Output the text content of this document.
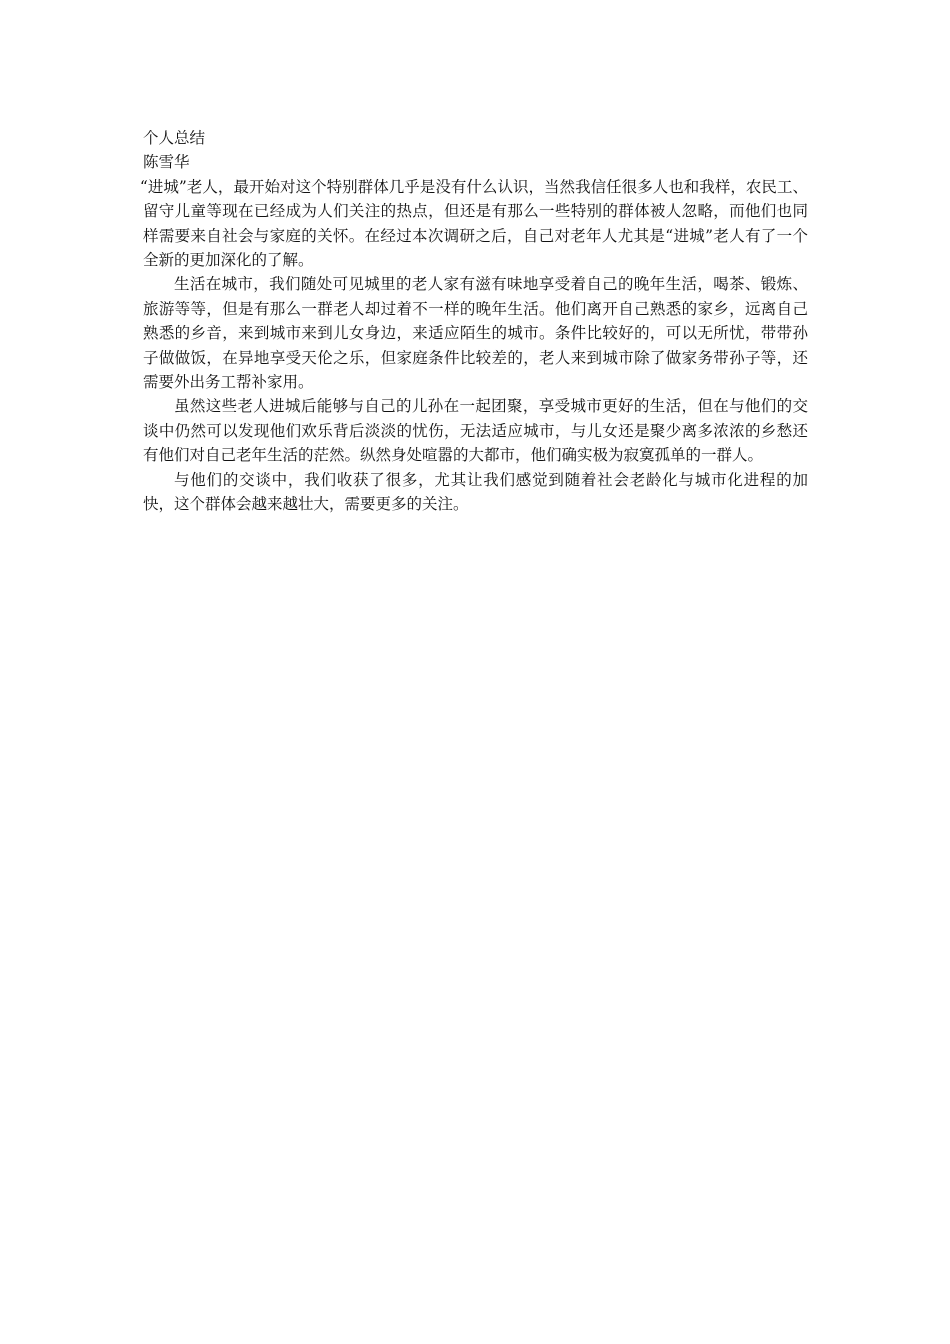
个人总结
陈雪华

“进城”老人，最开始对这个特别群体几乎是没有什么认识，当然我信任很多人也和我样，农民工、留守儿童等现在已经成为人们关注的热点，但还是有那么一些特别的群体被人忽略，而他们也同样需要来自社会与家庭的关怀。在经过本次调研之后，自己对老年人尤其是“进城”老人有了一个全新的更加深化的了解。

生活在城市，我们随处可见城里的老人家有滋有味地享受着自己的晚年生活，喝茶、锻炼、旅游等等，但是有那么一群老人却过着不一样的晚年生活。他们离开自己熟悉的家乡，远离自己熟悉的乡音，来到城市来到儿女身边，来适应陌生的城市。条件比较好的，可以无所忧，带带孙子做做饭，在异地享受天伦之乐，但家庭条件比较差的，老人来到城市除了做家务带孙子等，还需要外出务工帮补家用。

虽然这些老人进城后能够与自己的儿孙在一起团聚，享受城市更好的生活，但在与他们的交谈中仍然可以发现他们欢乐背后淡淡的忧伤，无法适应城市，与儿女还是聚少离多浓浓的乡愁还有他们对自己老年生活的茫然。纵然身处喧嚣的大都市，他们确实极为寂寞孤单的一群人。

与他们的交谈中，我们收获了很多，尤其让我们感觉到随着社会老龄化与城市化进程的加快，这个群体会越来越壮大，需要更多的关注。
